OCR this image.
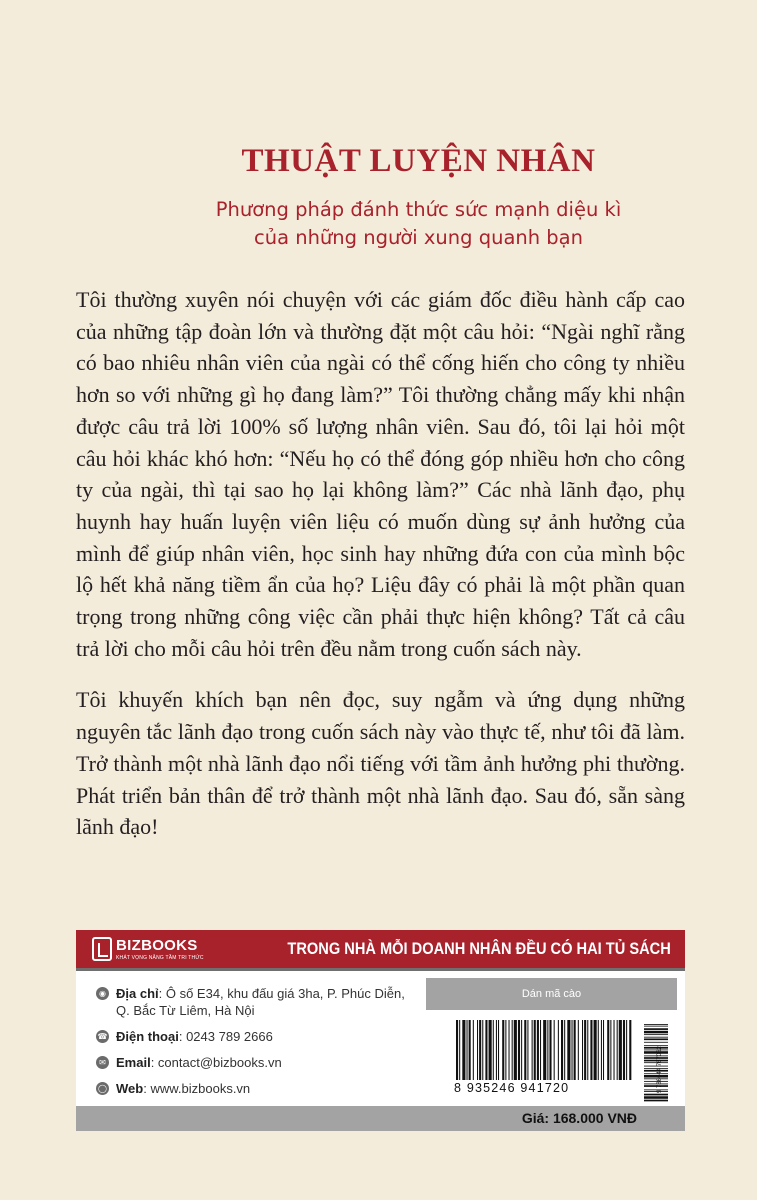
THUẬT LUYỆN NHÂN
Phương pháp đánh thức sức mạnh diệu kì
của những người xung quanh bạn

Tôi thường xuyên nói chuyện với các giám đốc điều hành cấp cao của những tập đoàn lớn và thường đặt một câu hỏi: “Ngài nghĩ rằng có bao nhiêu nhân viên của ngài có thể cống hiến cho công ty nhiều hơn so với những gì họ đang làm?” Tôi thường chẳng mấy khi nhận được câu trả lời 100% số lượng nhân viên. Sau đó, tôi lại hỏi một câu hỏi khác khó hơn: “Nếu họ có thể đóng góp nhiều hơn cho công ty của ngài, thì tại sao họ lại không làm?” Các nhà lãnh đạo, phụ huynh hay huấn luyện viên liệu có muốn dùng sự ảnh hưởng của mình để giúp nhân viên, học sinh hay những đứa con của mình bộc lộ hết khả năng tiềm ẩn của họ? Liệu đây có phải là một phần quan trọng trong những công việc cần phải thực hiện không? Tất cả câu trả lời cho mỗi câu hỏi trên đều nằm trong cuốn sách này.

Tôi khuyến khích bạn nên đọc, suy ngẫm và ứng dụng những nguyên tắc lãnh đạo trong cuốn sách này vào thực tế, như tôi đã làm. Trở thành một nhà lãnh đạo nổi tiếng với tầm ảnh hưởng phi thường. Phát triển bản thân để trở thành một nhà lãnh đạo. Sau đó, sẵn sàng lãnh đạo!

BIZBOOKS
KHÁT VỌNG NÂNG TẦM TRI THỨC	TRONG NHÀ MỖI DOANH NHÂN ĐỀU CÓ HAI TỦ SÁCH
◉ Địa chỉ: Ô số E34, khu đấu giá 3ha, P. Phúc Diễn,
Q. Bắc Từ Liêm, Hà Nội
☎ Điện thoại: 0243 789 2666
✉ Email: contact@bizbooks.vn
◯ Web: www.bizbooks.vn
Dán mã cào
8 935246 941720	9 786044 767062
Giá: 168.000 VNĐ
